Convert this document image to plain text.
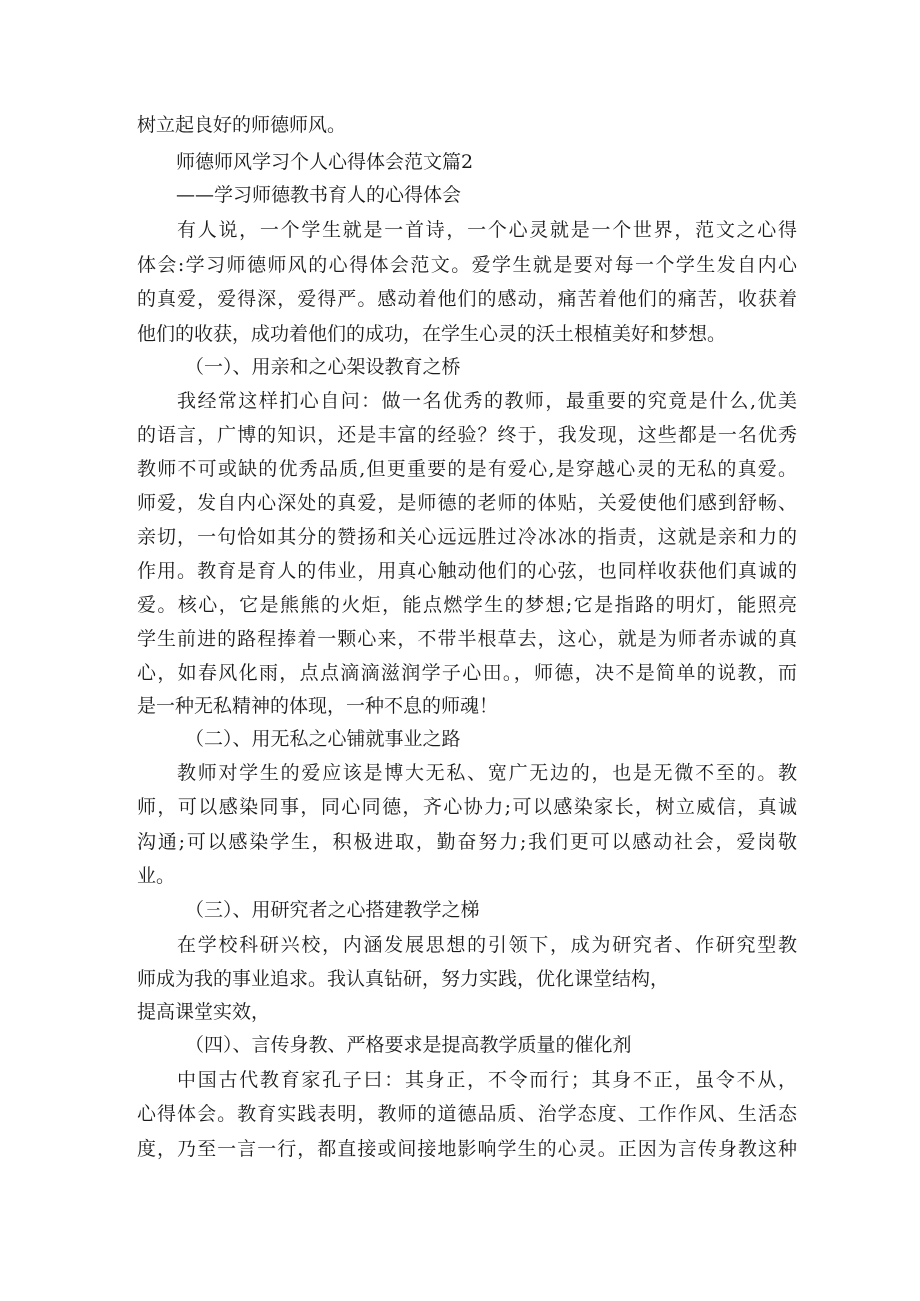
树立起良好的师德师风。
师德师风学习个人心得体会范文篇2
——学习师德教书育人的心得体会
有人说，一个学生就是一首诗，一个心灵就是一个世界，范文之心得
体会:学习师德师风的心得体会范文。爱学生就是要对每一个学生发自内心
的真爱，爱得深，爱得严。感动着他们的感动，痛苦着他们的痛苦，收获着
他们的收获，成功着他们的成功，在学生心灵的沃土根植美好和梦想。
（一）、用亲和之心架设教育之桥
我经常这样扪心自问：做一名优秀的教师，最重要的究竟是什么,优美
的语言，广博的知识，还是丰富的经验？终于，我发现，这些都是一名优秀
教师不可或缺的优秀品质,但更重要的是有爱心,是穿越心灵的无私的真爱。
师爱，发自内心深处的真爱，是师德的老师的体贴，关爱使他们感到舒畅、
亲切，一句恰如其分的赞扬和关心远远胜过冷冰冰的指责，这就是亲和力的
作用。教育是育人的伟业，用真心触动他们的心弦，也同样收获他们真诚的
爱。核心，它是熊熊的火炬，能点燃学生的梦想;它是指路的明灯，能照亮
学生前进的路程捧着一颗心来，不带半根草去，这心，就是为师者赤诚的真
心，如春风化雨，点点滴滴滋润学子心田。，师德，决不是简单的说教，而
是一种无私精神的体现，一种不息的师魂！
（二）、用无私之心铺就事业之路
教师对学生的爱应该是博大无私、宽广无边的，也是无微不至的。教
师，可以感染同事，同心同德，齐心协力;可以感染家长，树立威信，真诚
沟通;可以感染学生，积极进取，勤奋努力;我们更可以感动社会，爱岗敬
业。
（三）、用研究者之心搭建教学之梯
在学校科研兴校，内涵发展思想的引领下，成为研究者、作研究型教
师成为我的事业追求。我认真钻研，努力实践，优化课堂结构，
提高课堂实效，
（四）、言传身教、严格要求是提高教学质量的催化剂
中国古代教育家孔子曰：其身正，不令而行；其身不正，虽令不从，
心得体会。教育实践表明，教师的道德品质、治学态度、工作作风、生活态
度，乃至一言一行，都直接或间接地影响学生的心灵。正因为言传身教这种
